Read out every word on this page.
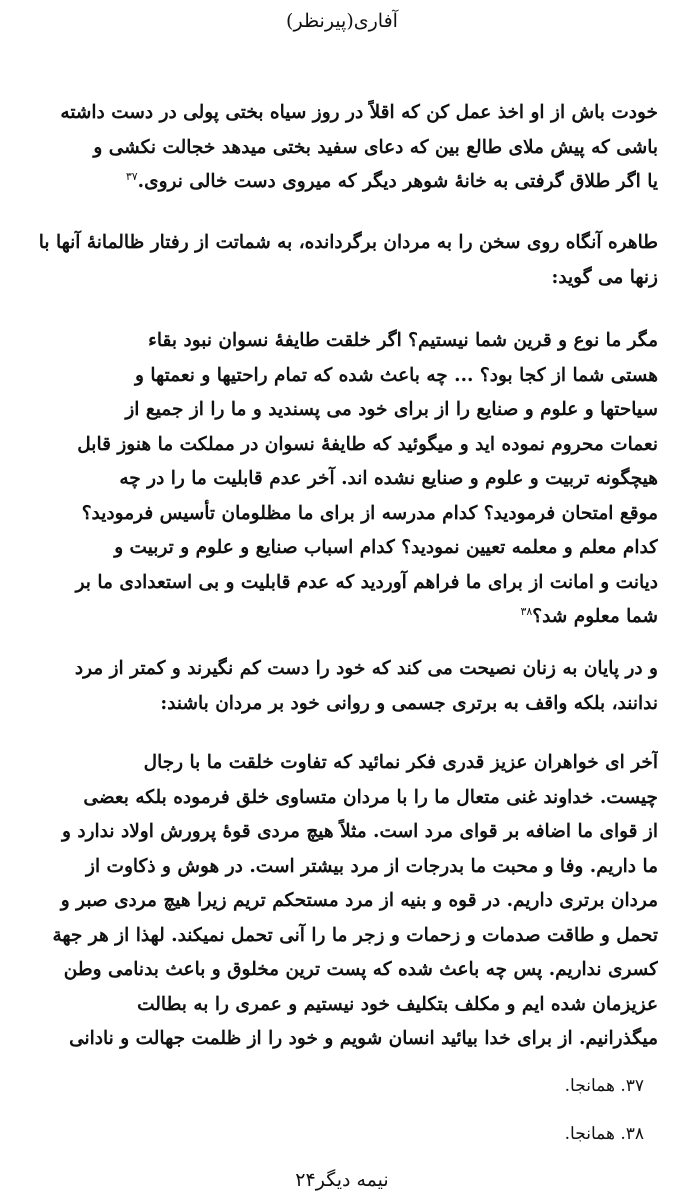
آفاری(پیرنظر)
خودت باش از او اخذ عمل کن که اقلاً در روز سیاه بختی پولی در دست داشته
باشی که پیش ملای طالع بین که دعای سفید بختی میدهد خجالت نکشی و
یا اگر طلاق گرفتی به خانهٔ شوهر دیگر که میروی دست خالی نروی.$^{۳۷}$
طاهره آنگاه روی سخن را به مردان برگردانده، به شماتت از رفتار ظالمانهٔ آنها با
زنها می گوید:
مگر ما نوع و قرین شما نیستیم؟ اگر خلقت طایفهٔ نسوان نبود بقاء
هستی شما از کجا بود؟ ... چه باعث شده که تمام راحتیها و نعمتها و
سیاحتها و علوم و صنایع را از برای خود می پسندید و ما را از جمیع از
نعمات محروم نموده اید و میگوئید که طایفهٔ نسوان در مملکت ما هنوز قابل
هیچگونه تربیت و علوم و صنایع نشده اند. آخر عدم قابلیت ما را در چه
موقع امتحان فرمودید؟ کدام مدرسه از برای ما مظلومان تأسیس فرمودید؟
کدام معلم و معلمه تعیین نمودید؟ کدام اسباب صنایع و علوم و تربیت و
دیانت و امانت از برای ما فراهم آوردید که عدم قابلیت و بی استعدادی ما بر
شما معلوم شد؟$^{۳۸}$
و در پایان به زنان نصیحت می کند که خود را دست کم نگیرند و کمتر از مرد
ندانند، بلکه واقف به برتری جسمی و روانی خود بر مردان باشند:
آخر ای خواهران عزیز قدری فکر نمائید که تفاوت خلقت ما با رجال
چیست. خداوند غنی متعال ما را با مردان متساوی خلق فرموده بلکه بعضی
از قوای ما اضافه بر قوای مرد است. مثلاً هیچ مردی قوهٔ پرورش اولاد ندارد و
ما داریم. وفا و محبت ما بدرجات از مرد بیشتر است. در هوش و ذکاوت از
مردان برتری داریم. در قوه و بنیه از مرد مستحکم تریم زیرا هیچ مردی صبر و
تحمل و طاقت صدمات و زحمات و زجر ما را آنی تحمل نمیکند. لهذا از هر جهة
کسری نداریم. پس چه باعث شده که پست ترین مخلوق و باعث بدنامی وطن
عزیزمان شده ایم و مکلف بتکلیف خود نیستیم و عمری را به بطالت
میگذرانیم. از برای خدا بیائید انسان شویم و خود را از ظلمت جهالت و نادانی
۳۷. همانجا.
۳۸. همانجا.
نیمه دیگر۲۴
